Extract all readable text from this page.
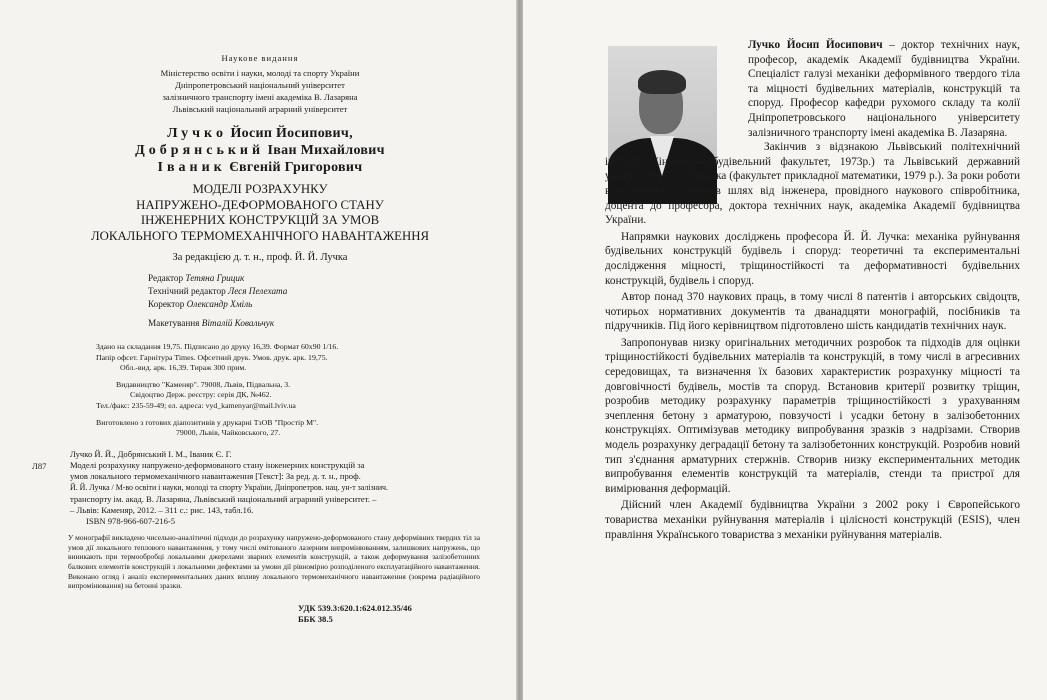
Наукове видання
Міністерство освіти і науки, молоді та спорту України
Дніпропетровський національний університет
залізничного транспорту імені академіка В. Лазаряна
Львівський національний аграрний університет
Лучко Йосип Йосипович,
Добрянський Іван Михайлович
Іваник Євгеній Григорович
МОДЕЛІ РОЗРАХУНКУ
НАПРУЖЕНО-ДЕФОРМОВАНОГО СТАНУ
ІНЖЕНЕРНИХ КОНСТРУКЦІЙ ЗА УМОВ
ЛОКАЛЬНОГО ТЕРМОМЕХАНІЧНОГО НАВАНТАЖЕННЯ
За редакцією д. т. н., проф. Й. Й. Лучка
Редактор Тетяна Грицик
Технічний редактор Леся Пелехата
Коректор Олександр Хміль
Макетування Віталій Ковальчук
Здано на складання 19,75. Підписано до друку 16,39. Формат 60х90 1/16.
Папір офсет. Гарнітура Times. Офсетний друк. Умов. друк. арк. 19,75.
Обл.-вид. арк. 16,39. Тираж 300 прим.
Видавництво "Каменяр". 79008, Львів, Підвальна, 3.
Свідоцтво Держ. реєстру: серія ДК, №462.
Тел./факс: 235-59-49; ел. адреса: vyd_kamenyar@mail.lviv.ua
Виготовлено з готових діапозитивів у друкарні ТзОВ "Простір М".
79000, Львів, Чайковського, 27.
Л87
Лучко Й. Й., Добрянський І. М., Іваник Є. Г.
Моделі розрахунку напружено-деформованого стану інженерних конструкцій за
умов локального термомеханічного навантаження [Текст]: За ред. д. т. н., проф.
Й. Й. Лучка / М-во освіти і науки, молоді та спорту України, Дніпропетров. нац. ун-т залізнич.
транспорту ім. акад. В. Лазаряна, Львівський національний аграрний університет. –
– Львів: Каменяр, 2012. – 311 с.: рис. 143, табл.16.
ISBN 978-966-607-216-5
У монографії викладено чисельно-аналітичні підходи до розрахунку напружено-деформованого стану деформівних твердих тіл за умов дії локального теплового навантаження, у тому числі емітованого лазерним випромінюванням, залишкових напружень, що виникають при термообробці локальними джерелами зварних елементів конструкцій, а також деформування залізобетонних балкових елементів конструкцій з локальними дефектами за умови дії рівномірно розподіленого експлуатаційного навантаження. Виконано огляд і аналіз експериментальних даних впливу локального термомеханічного навантаження (зокрема радіаційного випромінювання) на бетонні зразки.
УДК 539.3:620.1:624.012.35/46
ББК 38.5

Лучко Йосип Йосипович – доктор технічних наук, професор, академік Академії будівництва України. Спеціаліст галузі механіки деформівного твердого тіла та міцності будівельних матеріалів, конструкцій та споруд. Професор кафедри рухомого складу та колії Дніпропетровського національного університету залізничного транспорту імені академіка В. Лазаряна.

Закінчив з відзнакою Львівський політехнічний інститут (інженерно-будівельний факультет, 1973р.) та Львівський державний університет ім. І. Франка (факультет прикладної математики, 1979 р.). За роки роботи в колективах пройшов шлях від інженера, провідного наукового співробітника, доцента до професора, доктора технічних наук, академіка Академії будівництва України.

Напрямки наукових досліджень професора Й. Й. Лучка: механіка руйнування будівельних конструкцій будівель і споруд: теоретичні та експериментальні дослідження міцності, тріщиностійкості та деформативності будівельних конструкцій, будівель і споруд.

Автор понад 370 наукових праць, в тому числі 8 патентів і авторських свідоцтв, чотирьох нормативних документів та дванадцяти монографій, посібників та підручників. Під його керівництвом підготовлено шість кандидатів технічних наук.

Запропонував низку оригінальних методичних розробок та підходів для оцінки тріщиностійкості будівельних матеріалів та конструкцій, в тому числі в агресивних середовищах, та визначення їх базових характеристик розрахунку міцності та довговічності будівель, мостів та споруд. Встановив критерії розвитку тріщин, розробив методику розрахунку параметрів тріщиностійкості з урахуванням зчеплення бетону з арматурою, повзучості і усадки бетону в залізобетонних конструкціях. Оптимізував методику випробування зразків з надрізами. Створив модель розрахунку деградації бетону та залізобетонних конструкцій. Розробив новий тип з'єднання арматурних стержнів. Створив низку експериментальних методик випробування елементів конструкцій та матеріалів, стенди та пристрої для вимірювання деформацій.

Дійсний член Академії будівництва України з 2002 року і Європейського товариства механіки руйнування матеріалів і цілісності конструкцій (ESIS), член правління Українського товариства з механіки руйнування матеріалів.
